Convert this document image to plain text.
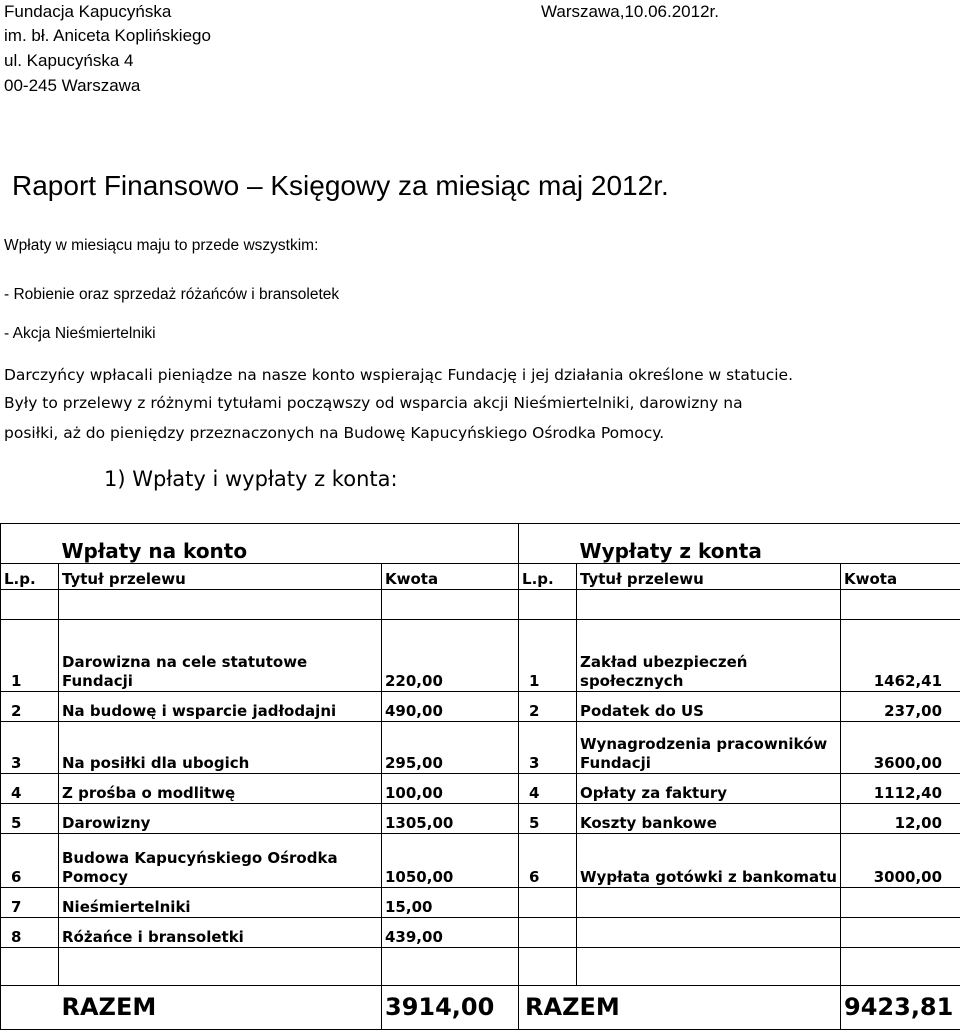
Fundacja Kapucyńska
im. bł. Aniceta Koplińskiego
ul. Kapucyńska 4
00-245 Warszawa
Warszawa,10.06.2012r.
Raport Finansowo – Księgowy za miesiąc maj 2012r.
Wpłaty w miesiącu maju to przede wszystkim:
- Robienie oraz sprzedaż różańców i bransoletek
- Akcja Nieśmiertelniki
Darczyńcy wpłacali pieniądze na nasze konto wspierając Fundację i jej działania określone w statucie.
Były to przelewy z różnymi tytułami począwszy od wsparcia akcji Nieśmiertelniki, darowizny na
posiłki, aż do pieniędzy przeznaczonych na Budowę Kapucyńskiego Ośrodka Pomocy.
1) Wpłaty i wypłaty z konta:
	Wpłaty na konto			Wypłaty z konta	
L.p.	Tytuł przelewu	Kwota	L.p.	Tytuł przelewu	Kwota

1	Darowizna na cele statutowe Fundacji	220,00	1	Zakład ubezpieczeń społecznych	1462,41
2	Na budowę i wsparcie jadłodajni	490,00	2	Podatek do US	237,00
3	Na posiłki dla ubogich	295,00	3	Wynagrodzenia pracowników Fundacji	3600,00
4	Z prośba o modlitwę	100,00	4	Opłaty za faktury	1112,40
5	Darowizny	1305,00	5	Koszty bankowe	12,00
6	Budowa Kapucyńskiego Ośrodka Pomocy	1050,00	6	Wypłata gotówki z bankomatu	3000,00
7	Nieśmiertelniki	15,00			
8	Różańce i bransoletki	439,00			

	RAZEM	3914,00	RAZEM		9423,81
